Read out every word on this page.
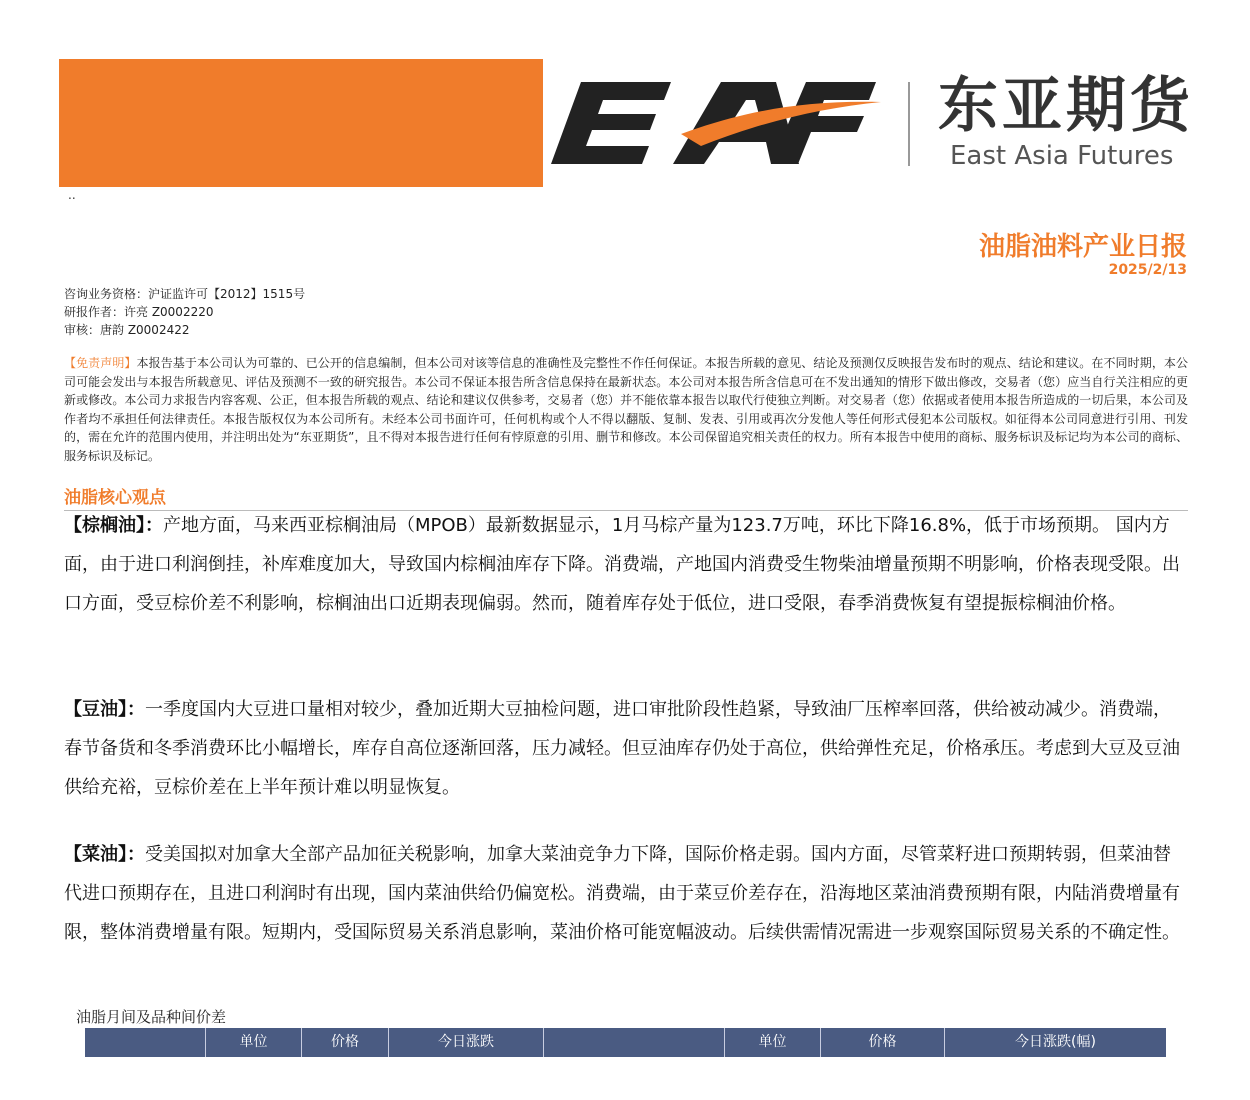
东亚期货
East Asia Futures
..
油脂油料产业日报
2025/2/13
咨询业务资格：沪证监许可【2012】1515号
研报作者：许亮 Z0002220
审核：唐韵 Z0002422
【免责声明】本报告基于本公司认为可靠的、已公开的信息编制，但本公司对该等信息的准确性及完整性不作任何保证。本报告所载的意见、结论及预测仅反映报告发布时的观点、结论和建议。在不同时期，本公司可能会发出与本报告所载意见、评估及预测不一致的研究报告。本公司不保证本报告所含信息保持在最新状态。本公司对本报告所含信息可在不发出通知的情形下做出修改，交易者（您）应当自行关注相应的更新或修改。本公司力求报告内容客观、公正，但本报告所载的观点、结论和建议仅供参考，交易者（您）并不能依靠本报告以取代行使独立判断。对交易者（您）依据或者使用本报告所造成的一切后果，本公司及作者均不承担任何法律责任。本报告版权仅为本公司所有。未经本公司书面许可，任何机构或个人不得以翻版、复制、发表、引用或再次分发他人等任何形式侵犯本公司版权。如征得本公司同意进行引用、刊发的，需在允许的范围内使用，并注明出处为“东亚期货”，且不得对本报告进行任何有悖原意的引用、删节和修改。本公司保留追究相关责任的权力。所有本报告中使用的商标、服务标识及标记均为本公司的商标、服务标识及标记。
油脂核心观点
【棕榈油】：产地方面，马来西亚棕榈油局（MPOB）最新数据显示，1月马棕产量为123.7万吨，环比下降16.8%，低于市场预期。 国内方面，由于进口利润倒挂，补库难度加大，导致国内棕榈油库存下降。消费端，产地国内消费受生物柴油增量预期不明影响，价格表现受限。出口方面，受豆棕价差不利影响，棕榈油出口近期表现偏弱。然而，随着库存处于低位，进口受限，春季消费恢复有望提振棕榈油价格。
【豆油】：一季度国内大豆进口量相对较少，叠加近期大豆抽检问题，进口审批阶段性趋紧，导致油厂压榨率回落，供给被动减少。消费端，春节备货和冬季消费环比小幅增长，库存自高位逐渐回落，压力减轻。但豆油库存仍处于高位，供给弹性充足，价格承压。考虑到大豆及豆油供给充裕，豆棕价差在上半年预计难以明显恢复。
【菜油】：受美国拟对加拿大全部产品加征关税影响，加拿大菜油竞争力下降，国际价格走弱。国内方面，尽管菜籽进口预期转弱，但菜油替代进口预期存在，且进口利润时有出现，国内菜油供给仍偏宽松。消费端，由于菜豆价差存在，沿海地区菜油消费预期有限，内陆消费增量有限，整体消费增量有限。短期内，受国际贸易关系消息影响，菜油价格可能宽幅波动。后续供需情况需进一步观察国际贸易关系的不确定性。
油脂月间及品种间价差
单位	价格	今日涨跌	单位	价格	今日涨跌(幅)
